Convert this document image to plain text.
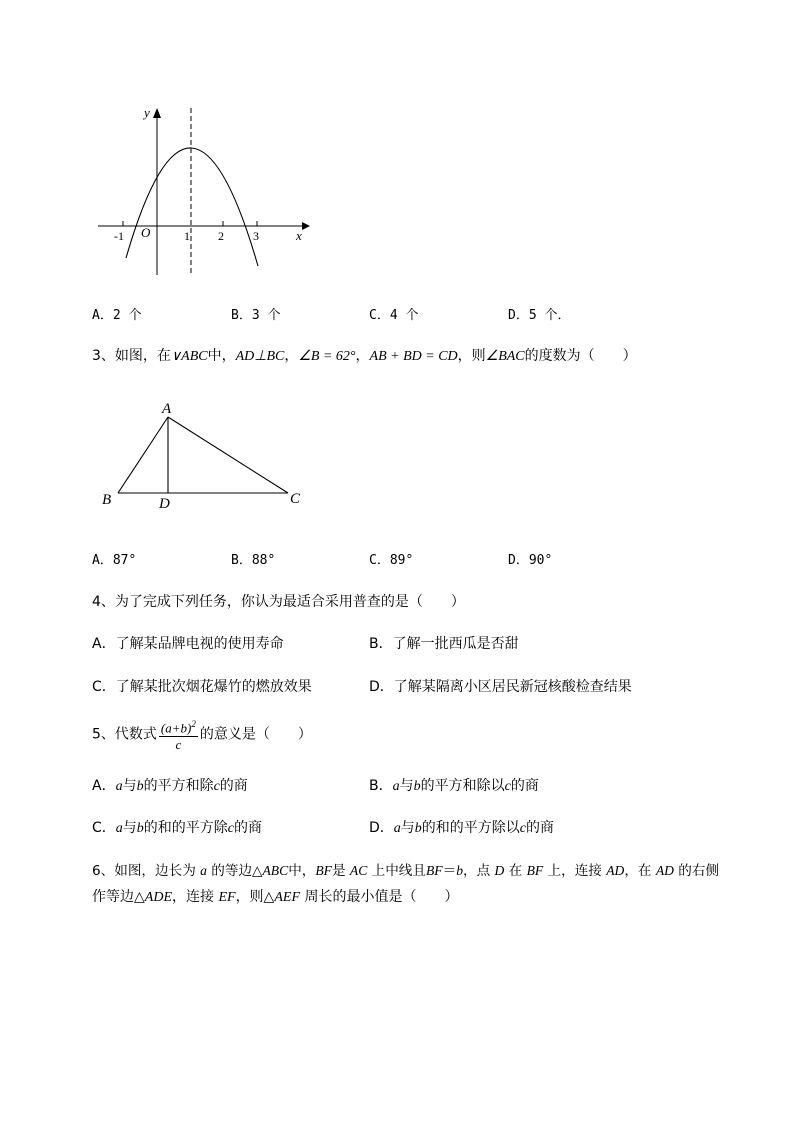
y
x
O
-1	1 2 3
A．2 个	B．3 个	C．4 个	D．5 个．
3、如图，在∨ABC中，AD⊥BC，∠B = 62°，AB + BD = CD，则∠BAC的度数为（　　）
A
B	D	C
A．87°	B．88°	C．89°	D．90°
4、为了完成下列任务，你认为最适合采用普查的是（　　）
A．了解某品牌电视的使用寿命	B．了解一批西瓜是否甜
C．了解某批次烟花爆竹的燃放效果	D．了解某隔离小区居民新冠核酸检查结果
5、代数式 $\frac{(a+b)^2}{c}$ 的意义是（　　）
A．a与b的平方和除c的商	B．a与b的平方和除以c的商
C．a与b的和的平方除c的商	D．a与b的和的平方除以c的商
6、如图，边长为 a 的等边△ABC中，BF是 AC 上中线且BF＝b，点 D 在 BF 上，连接 AD，在 AD 的右侧
作等边△ADE，连接 EF，则△AEF 周长的最小值是（　　）
